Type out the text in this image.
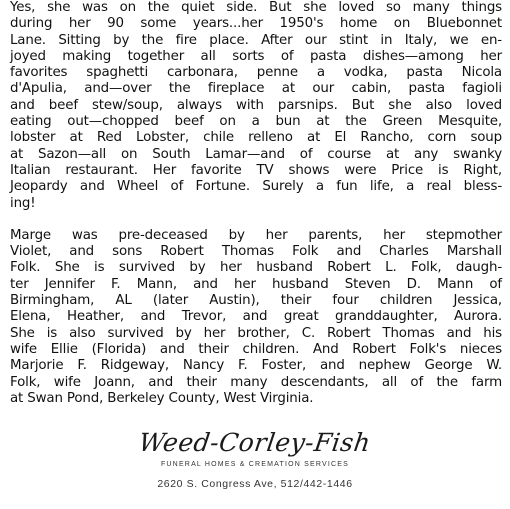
Yes, she was on the quiet side. But she loved so many things
during her 90 some years...her 1950's home on Bluebonnet
Lane. Sitting by the fire place. After our stint in Italy, we en-
joyed making together all sorts of pasta dishes—among her
favorites spaghetti carbonara, penne a vodka, pasta Nicola
d'Apulia, and—over the fireplace at our cabin, pasta fagioli
and beef stew/soup, always with parsnips. But she also loved
eating out—chopped beef on a bun at the Green Mesquite,
lobster at Red Lobster, chile relleno at El Rancho, corn soup
at Sazon—all on South Lamar—and of course at any swanky
Italian restaurant. Her favorite TV shows were Price is Right,
Jeopardy and Wheel of Fortune. Surely a fun life, a real bless-
ing!
Marge was pre-deceased by her parents, her stepmother
Violet, and sons Robert Thomas Folk and Charles Marshall
Folk. She is survived by her husband Robert L. Folk, daugh-
ter Jennifer F. Mann, and her husband Steven D. Mann of
Birmingham, AL (later Austin), their four children Jessica,
Elena, Heather, and Trevor, and great granddaughter, Aurora.
She is also survived by her brother, C. Robert Thomas and his
wife Ellie (Florida) and their children. And Robert Folk's nieces
Marjorie F. Ridgeway, Nancy F. Foster, and nephew George W.
Folk, wife Joann, and their many descendants, all of the farm
at Swan Pond, Berkeley County, West Virginia.
Weed-Corley-Fish
FUNERAL HOMES & CREMATION SERVICES
2620 S. Congress Ave, 512/442-1446
